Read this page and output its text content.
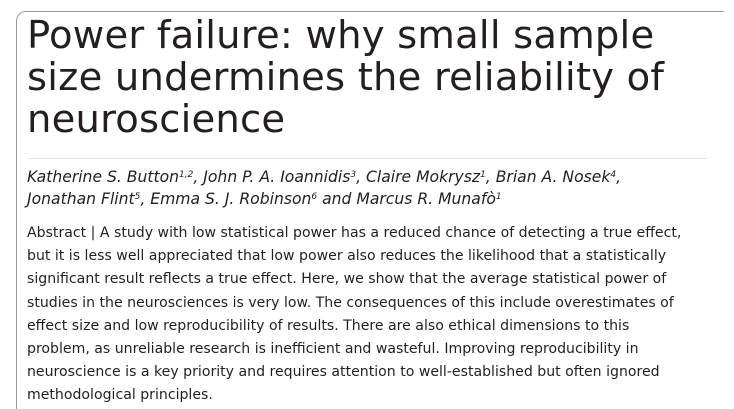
Power failure: why small sample
size undermines the reliability of
neuroscience
Katherine S. Button$^{1,2}$, John P. A. Ioannidis$^3$, Claire Mokrysz$^1$, Brian A. Nosek$^4$,
Jonathan Flint$^5$, Emma S. J. Robinson$^6$ and Marcus R. Munafò$^1$

Abstract | A study with low statistical power has a reduced chance of detecting a true effect,
but it is less well appreciated that low power also reduces the likelihood that a statistically
significant result reflects a true effect. Here, we show that the average statistical power of
studies in the neurosciences is very low. The consequences of this include overestimates of
effect size and low reproducibility of results. There are also ethical dimensions to this
problem, as unreliable research is inefficient and wasteful. Improving reproducibility in
neuroscience is a key priority and requires attention to well-established but often ignored
methodological principles.
